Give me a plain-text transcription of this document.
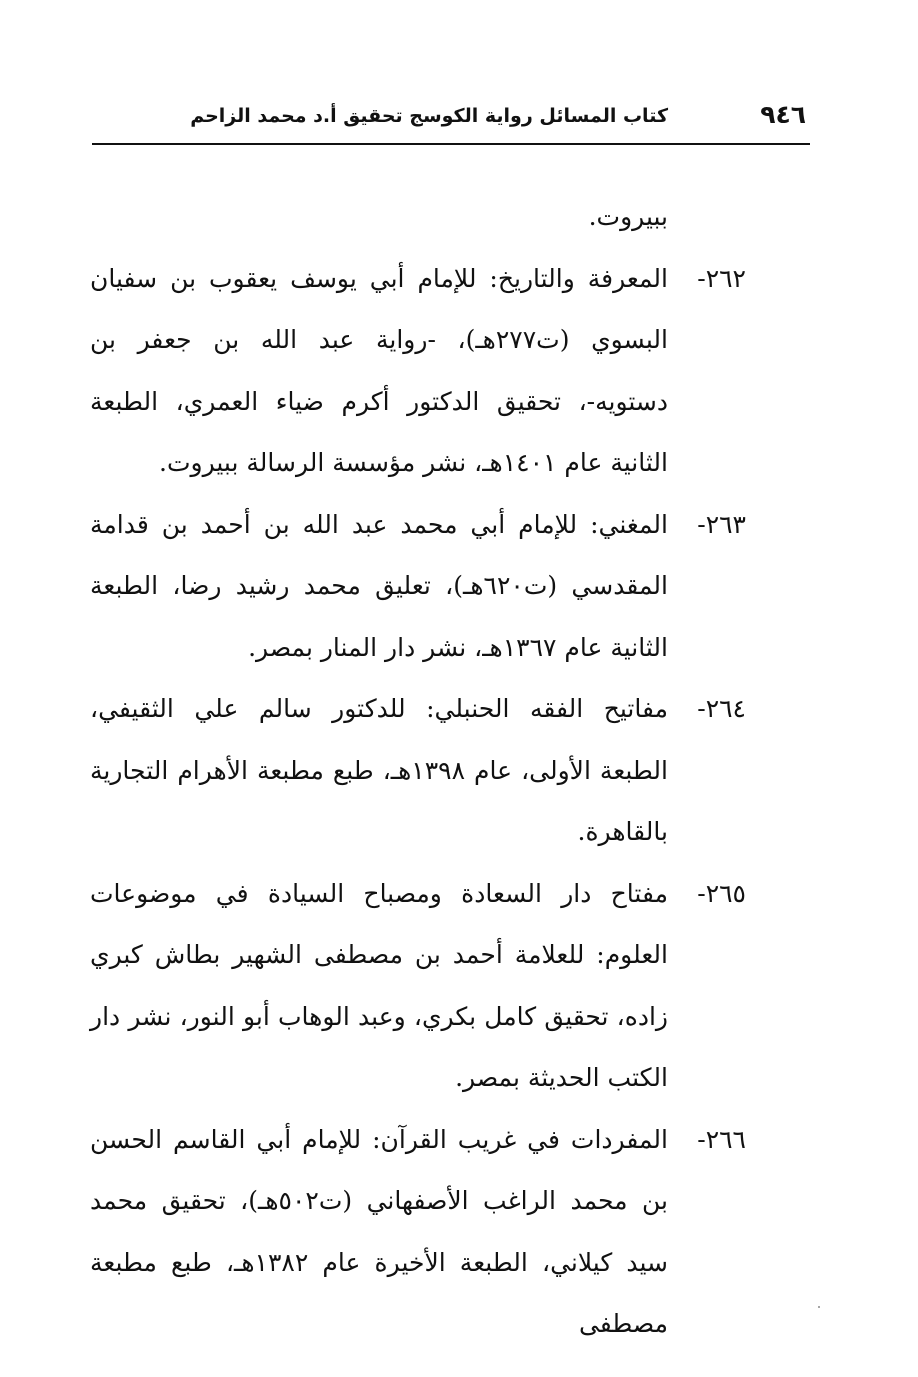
٩٤٦
كتاب المسائل رواية الكوسج تحقيق أ.د محمد الزاحم
ببيروت.
٢٦٢-
المعرفة والتاريخ: للإمام أبي يوسف يعقوب بن سفيان البسوي (ت٢٧٧هـ)، -رواية عبد الله بن جعفر بن دستويه-، تحقيق الدكتور أكرم ضياء العمري، الطبعة الثانية عام ١٤٠١هـ، نشر مؤسسة الرسالة ببيروت.
٢٦٣-
المغني: للإمام أبي محمد عبد الله بن أحمد بن قدامة المقدسي (ت٦٢٠هـ)، تعليق محمد رشيد رضا، الطبعة الثانية عام ١٣٦٧هـ، نشر دار المنار بمصر.
٢٦٤-
مفاتيح الفقه الحنبلي: للدكتور سالم علي الثقيفي، الطبعة الأولى، عام ١٣٩٨هـ، طبع مطبعة الأهرام التجارية بالقاهرة.
٢٦٥-
مفتاح دار السعادة ومصباح السيادة في موضوعات العلوم: للعلامة أحمد بن مصطفى الشهير بطاش كبري زاده، تحقيق كامل بكري، وعبد الوهاب أبو النور، نشر دار الكتب الحديثة بمصر.
٢٦٦-
المفردات في غريب القرآن: للإمام أبي القاسم الحسن بن محمد الراغب الأصفهاني (ت٥٠٢هـ)، تحقيق محمد سيد كيلاني، الطبعة الأخيرة عام ١٣٨٢هـ، طبع مطبعة مصطفى
